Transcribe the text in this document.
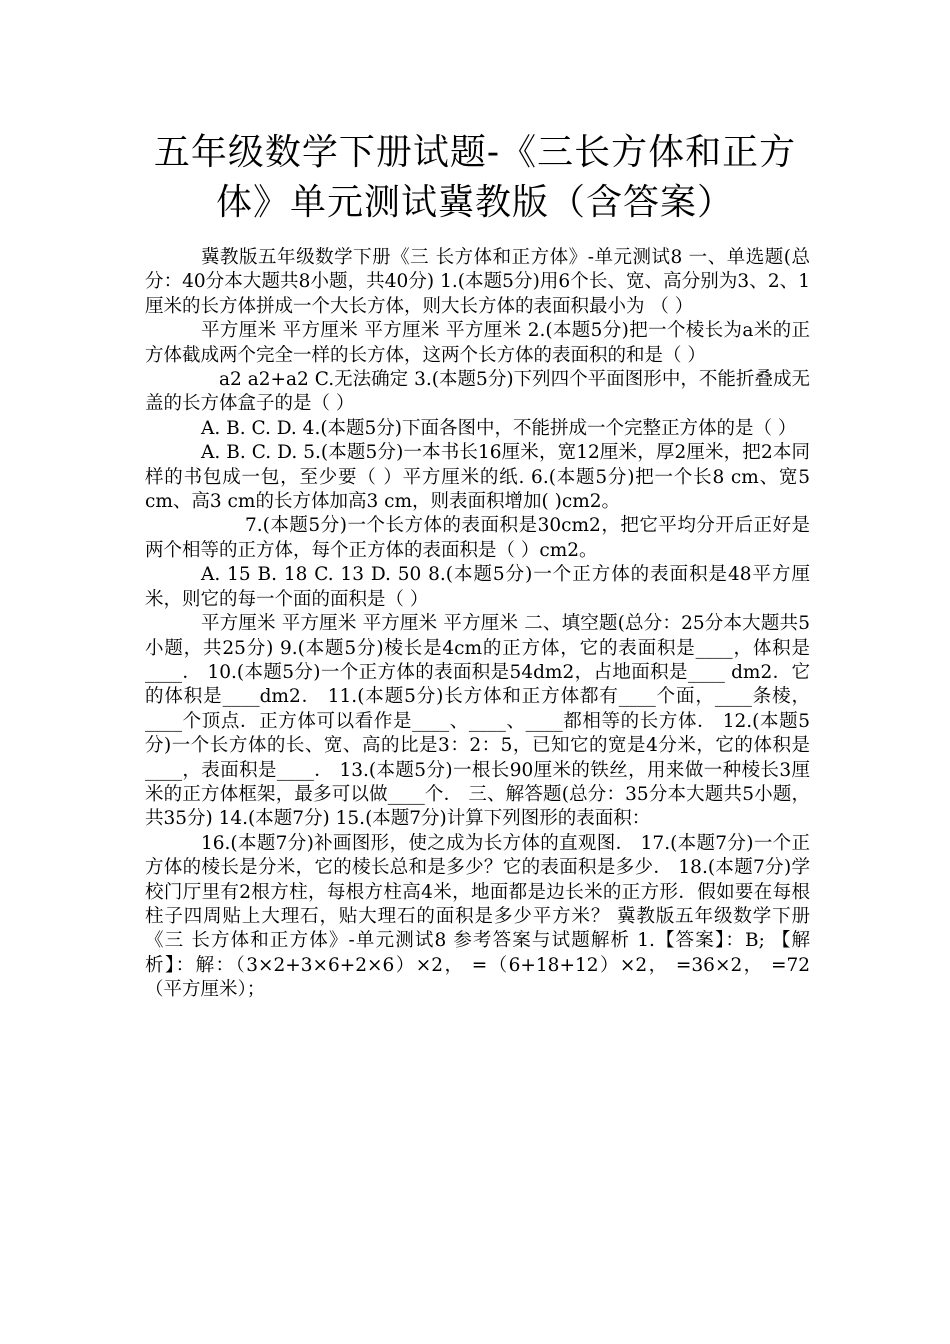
五年级数学下册试题-《三长方体和正方
体》单元测试冀教版（含答案）

冀教版五年级数学下册《三 长方体和正方体》-单元测试8 一、单选题(总分：40分本大题共8小题，共40分) 1.(本题5分)用6个长、宽、高分别为3、2、1厘米的长方体拼成一个大长方体，则大长方体的表面积最小为 （ ）

平方厘米 平方厘米 平方厘米 平方厘米 2.(本题5分)把一个棱长为a米的正方体截成两个完全一样的长方体，这两个长方体的表面积的和是（ ）

a2 a2+a2 C.无法确定 3.(本题5分)下列四个平面图形中，不能折叠成无盖的长方体盒子的是（ ）

A. B. C. D. 4.(本题5分)下面各图中，不能拼成一个完整正方体的是（ ）

A. B. C. D. 5.(本题5分)一本书长16厘米，宽12厘米，厚2厘米，把2本同样的书包成一包，至少要（ ）平方厘米的纸. 6.(本题5分)把一个长8 cm、宽5 cm、高3 cm的长方体加高3 cm，则表面积增加( )cm2。

7.(本题5分)一个长方体的表面积是30cm2，把它平均分开后正好是两个相等的正方体，每个正方体的表面积是（ ）cm2。

A. 15 B. 18 C. 13 D. 50 8.(本题5分)一个正方体的表面积是48平方厘米，则它的每一个面的面积是（ ）

平方厘米 平方厘米 平方厘米 平方厘米 二、填空题(总分：25分本大题共5小题，共25分) 9.(本题5分)棱长是4cm的正方体，它的表面积是____，体积是____． 10.(本题5分)一个正方体的表面积是54dm2，占地面积是____ dm2．它的体积是____dm2． 11.(本题5分)长方体和正方体都有____个面，____条棱，____个顶点．正方体可以看作是____、____、____都相等的长方体． 12.(本题5分)一个长方体的长、宽、高的比是3：2：5，已知它的宽是4分米，它的体积是____，表面积是____． 13.(本题5分)一根长90厘米的铁丝，用来做一种棱长3厘米的正方体框架，最多可以做____个． 三、解答题(总分：35分本大题共5小题，共35分) 14.(本题7分) 15.(本题7分)计算下列图形的表面积：

16.(本题7分)补画图形，使之成为长方体的直观图． 17.(本题7分)一个正方体的棱长是分米，它的棱长总和是多少？它的表面积是多少． 18.(本题7分)学校门厅里有2根方柱，每根方柱高4米，地面都是边长米的正方形．假如要在每根柱子四周贴上大理石，贴大理石的面积是多少平方米？ 冀教版五年级数学下册《三 长方体和正方体》-单元测试8 参考答案与试题解析 1.【答案】：B; 【解析】：解：（3×2+3×6+2×6）×2， =（6+18+12）×2， =36×2， =72（平方厘米）；
